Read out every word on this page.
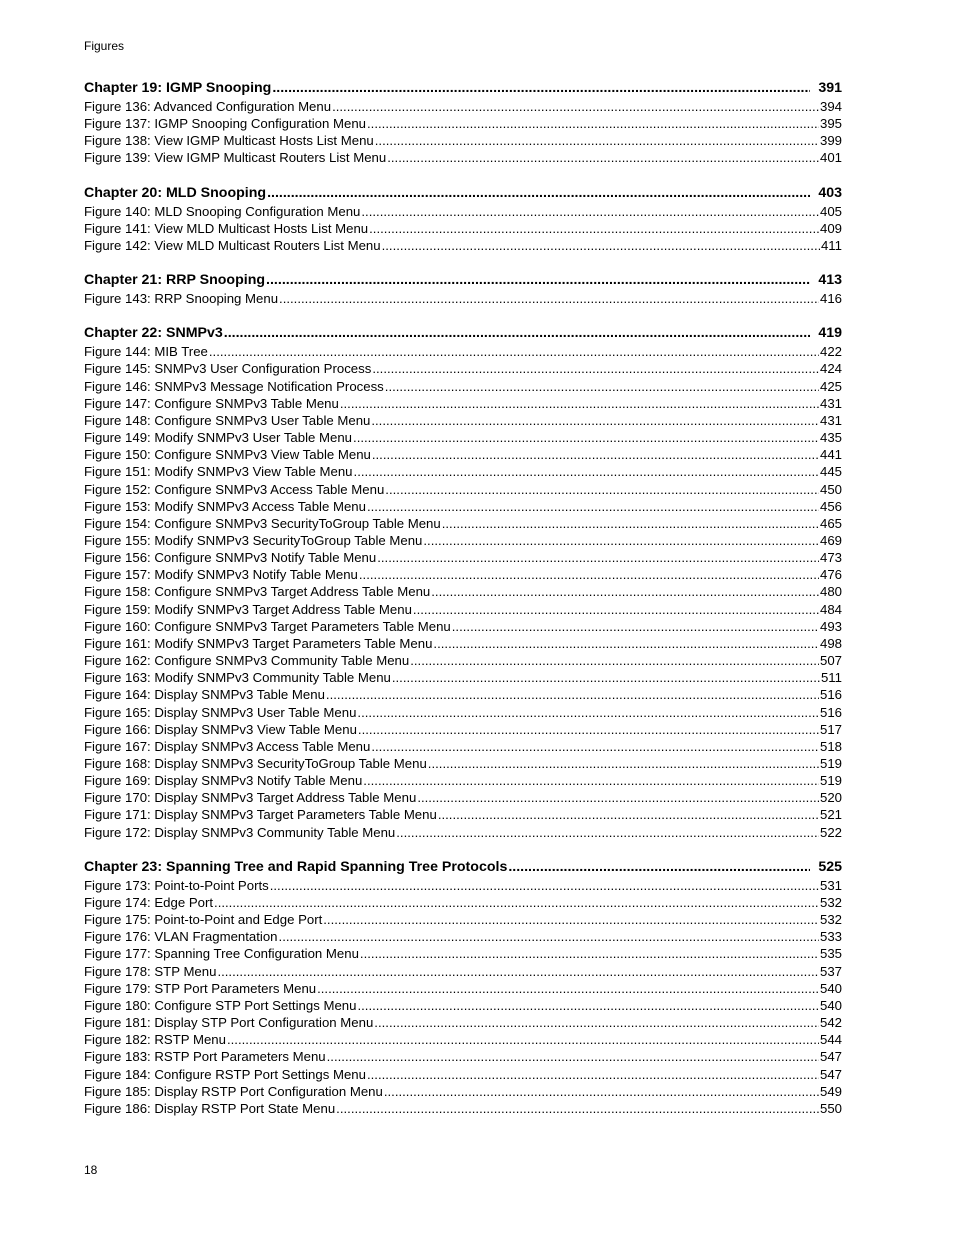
Figures
Chapter 19: IGMP Snooping .....	391
Figure 136: Advanced Configuration Menu .....	394
Figure 137: IGMP Snooping Configuration Menu .....	395
Figure 138: View IGMP Multicast Hosts List Menu .....	399
Figure 139: View IGMP Multicast Routers List Menu .....	401
Chapter 20: MLD Snooping .....	403
Figure 140: MLD Snooping Configuration Menu .....	405
Figure 141: View MLD Multicast Hosts List Menu .....	409
Figure 142: View MLD Multicast Routers List Menu .....	411
Chapter 21: RRP Snooping .....	413
Figure 143: RRP Snooping Menu .....	416
Chapter 22: SNMPv3 .....	419
Figure 144: MIB Tree .....	422
Figure 145: SNMPv3 User Configuration Process .....	424
Figure 146: SNMPv3 Message Notification Process .....	425
Figure 147: Configure SNMPv3 Table Menu .....	431
Figure 148: Configure SNMPv3 User Table Menu .....	431
Figure 149: Modify SNMPv3 User Table Menu .....	435
Figure 150: Configure SNMPv3 View Table Menu .....	441
Figure 151: Modify SNMPv3 View Table Menu .....	445
Figure 152: Configure SNMPv3 Access Table Menu .....	450
Figure 153: Modify SNMPv3 Access Table Menu .....	456
Figure 154: Configure SNMPv3 SecurityToGroup Table Menu .....	465
Figure 155: Modify SNMPv3 SecurityToGroup Table Menu .....	469
Figure 156: Configure SNMPv3 Notify Table Menu .....	473
Figure 157: Modify SNMPv3 Notify Table Menu .....	476
Figure 158: Configure SNMPv3 Target Address Table Menu .....	480
Figure 159: Modify SNMPv3 Target Address Table Menu .....	484
Figure 160: Configure SNMPv3 Target Parameters Table Menu .....	493
Figure 161: Modify SNMPv3 Target Parameters Table Menu .....	498
Figure 162: Configure SNMPv3 Community Table Menu .....	507
Figure 163: Modify SNMPv3 Community Table Menu .....	511
Figure 164: Display SNMPv3 Table Menu .....	516
Figure 165: Display SNMPv3 User Table Menu .....	516
Figure 166: Display SNMPv3 View Table Menu .....	517
Figure 167: Display SNMPv3 Access Table Menu .....	518
Figure 168: Display SNMPv3 SecurityToGroup Table Menu .....	519
Figure 169: Display SNMPv3 Notify Table Menu .....	519
Figure 170: Display SNMPv3 Target Address Table Menu .....	520
Figure 171: Display SNMPv3 Target Parameters Table Menu .....	521
Figure 172: Display SNMPv3 Community Table Menu .....	522
Chapter 23: Spanning Tree and Rapid Spanning Tree Protocols .....	525
Figure 173: Point-to-Point Ports .....	531
Figure 174: Edge Port .....	532
Figure 175: Point-to-Point and Edge Port .....	532
Figure 176: VLAN Fragmentation .....	533
Figure 177: Spanning Tree Configuration Menu .....	535
Figure 178: STP Menu .....	537
Figure 179: STP Port Parameters Menu .....	540
Figure 180: Configure STP Port Settings Menu .....	540
Figure 181: Display STP Port Configuration Menu .....	542
Figure 182: RSTP Menu .....	544
Figure 183: RSTP Port Parameters Menu .....	547
Figure 184: Configure RSTP Port Settings Menu .....	547
Figure 185: Display RSTP Port Configuration Menu .....	549
Figure 186: Display RSTP Port State Menu .....	550
18
